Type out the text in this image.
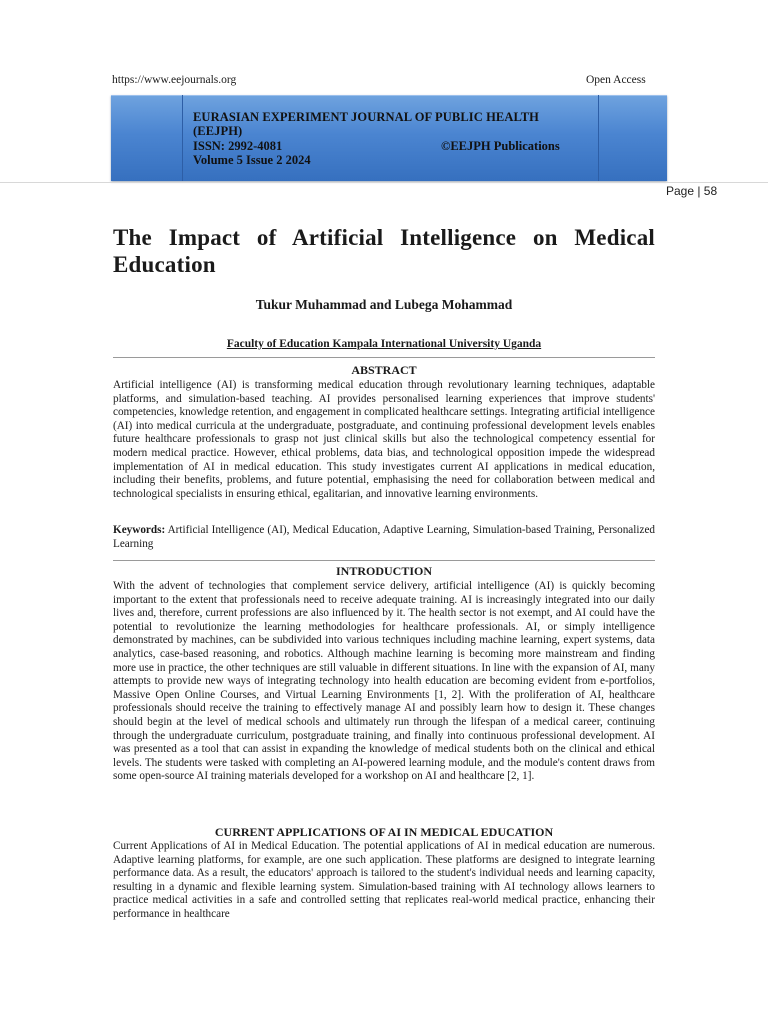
https://www.eejournals.org	Open Access
EURASIAN EXPERIMENT JOURNAL OF PUBLIC HEALTH (EEJPH)
ISSN: 2992-4081	©EEJPH Publications
Volume 5 Issue 2 2024
Page | 58
The Impact of Artificial Intelligence on Medical Education
Tukur Muhammad and Lubega Mohammad
Faculty of Education Kampala International University Uganda
ABSTRACT
Artificial intelligence (AI) is transforming medical education through revolutionary learning techniques, adaptable platforms, and simulation-based teaching. AI provides personalised learning experiences that improve students' competencies, knowledge retention, and engagement in complicated healthcare settings. Integrating artificial intelligence (AI) into medical curricula at the undergraduate, postgraduate, and continuing professional development levels enables future healthcare professionals to grasp not just clinical skills but also the technological competency essential for modern medical practice. However, ethical problems, data bias, and technological opposition impede the widespread implementation of AI in medical education. This study investigates current AI applications in medical education, including their benefits, problems, and future potential, emphasising the need for collaboration between medical and technological specialists in ensuring ethical, egalitarian, and innovative learning environments.
Keywords: Artificial Intelligence (AI), Medical Education, Adaptive Learning, Simulation-based Training, Personalized Learning
INTRODUCTION
With the advent of technologies that complement service delivery, artificial intelligence (AI) is quickly becoming important to the extent that professionals need to receive adequate training. AI is increasingly integrated into our daily lives and, therefore, current professions are also influenced by it. The health sector is not exempt, and AI could have the potential to revolutionize the learning methodologies for healthcare professionals. AI, or simply intelligence demonstrated by machines, can be subdivided into various techniques including machine learning, expert systems, data analytics, case-based reasoning, and robotics. Although machine learning is becoming more mainstream and finding more use in practice, the other techniques are still valuable in different situations. In line with the expansion of AI, many attempts to provide new ways of integrating technology into health education are becoming evident from e-portfolios, Massive Open Online Courses, and Virtual Learning Environments [1, 2]. With the proliferation of AI, healthcare professionals should receive the training to effectively manage AI and possibly learn how to design it. These changes should begin at the level of medical schools and ultimately run through the lifespan of a medical career, continuing through the undergraduate curriculum, postgraduate training, and finally into continuous professional development. AI was presented as a tool that can assist in expanding the knowledge of medical students both on the clinical and ethical levels. The students were tasked with completing an AI-powered learning module, and the module's content draws from some open-source AI training materials developed for a workshop on AI and healthcare [2, 1].
CURRENT APPLICATIONS OF AI IN MEDICAL EDUCATION
Current Applications of AI in Medical Education. The potential applications of AI in medical education are numerous. Adaptive learning platforms, for example, are one such application. These platforms are designed to integrate learning performance data. As a result, the educators' approach is tailored to the student's individual needs and learning capacity, resulting in a dynamic and flexible learning system. Simulation-based training with AI technology allows learners to practice medical activities in a safe and controlled setting that replicates real-world medical practice, enhancing their performance in healthcare
